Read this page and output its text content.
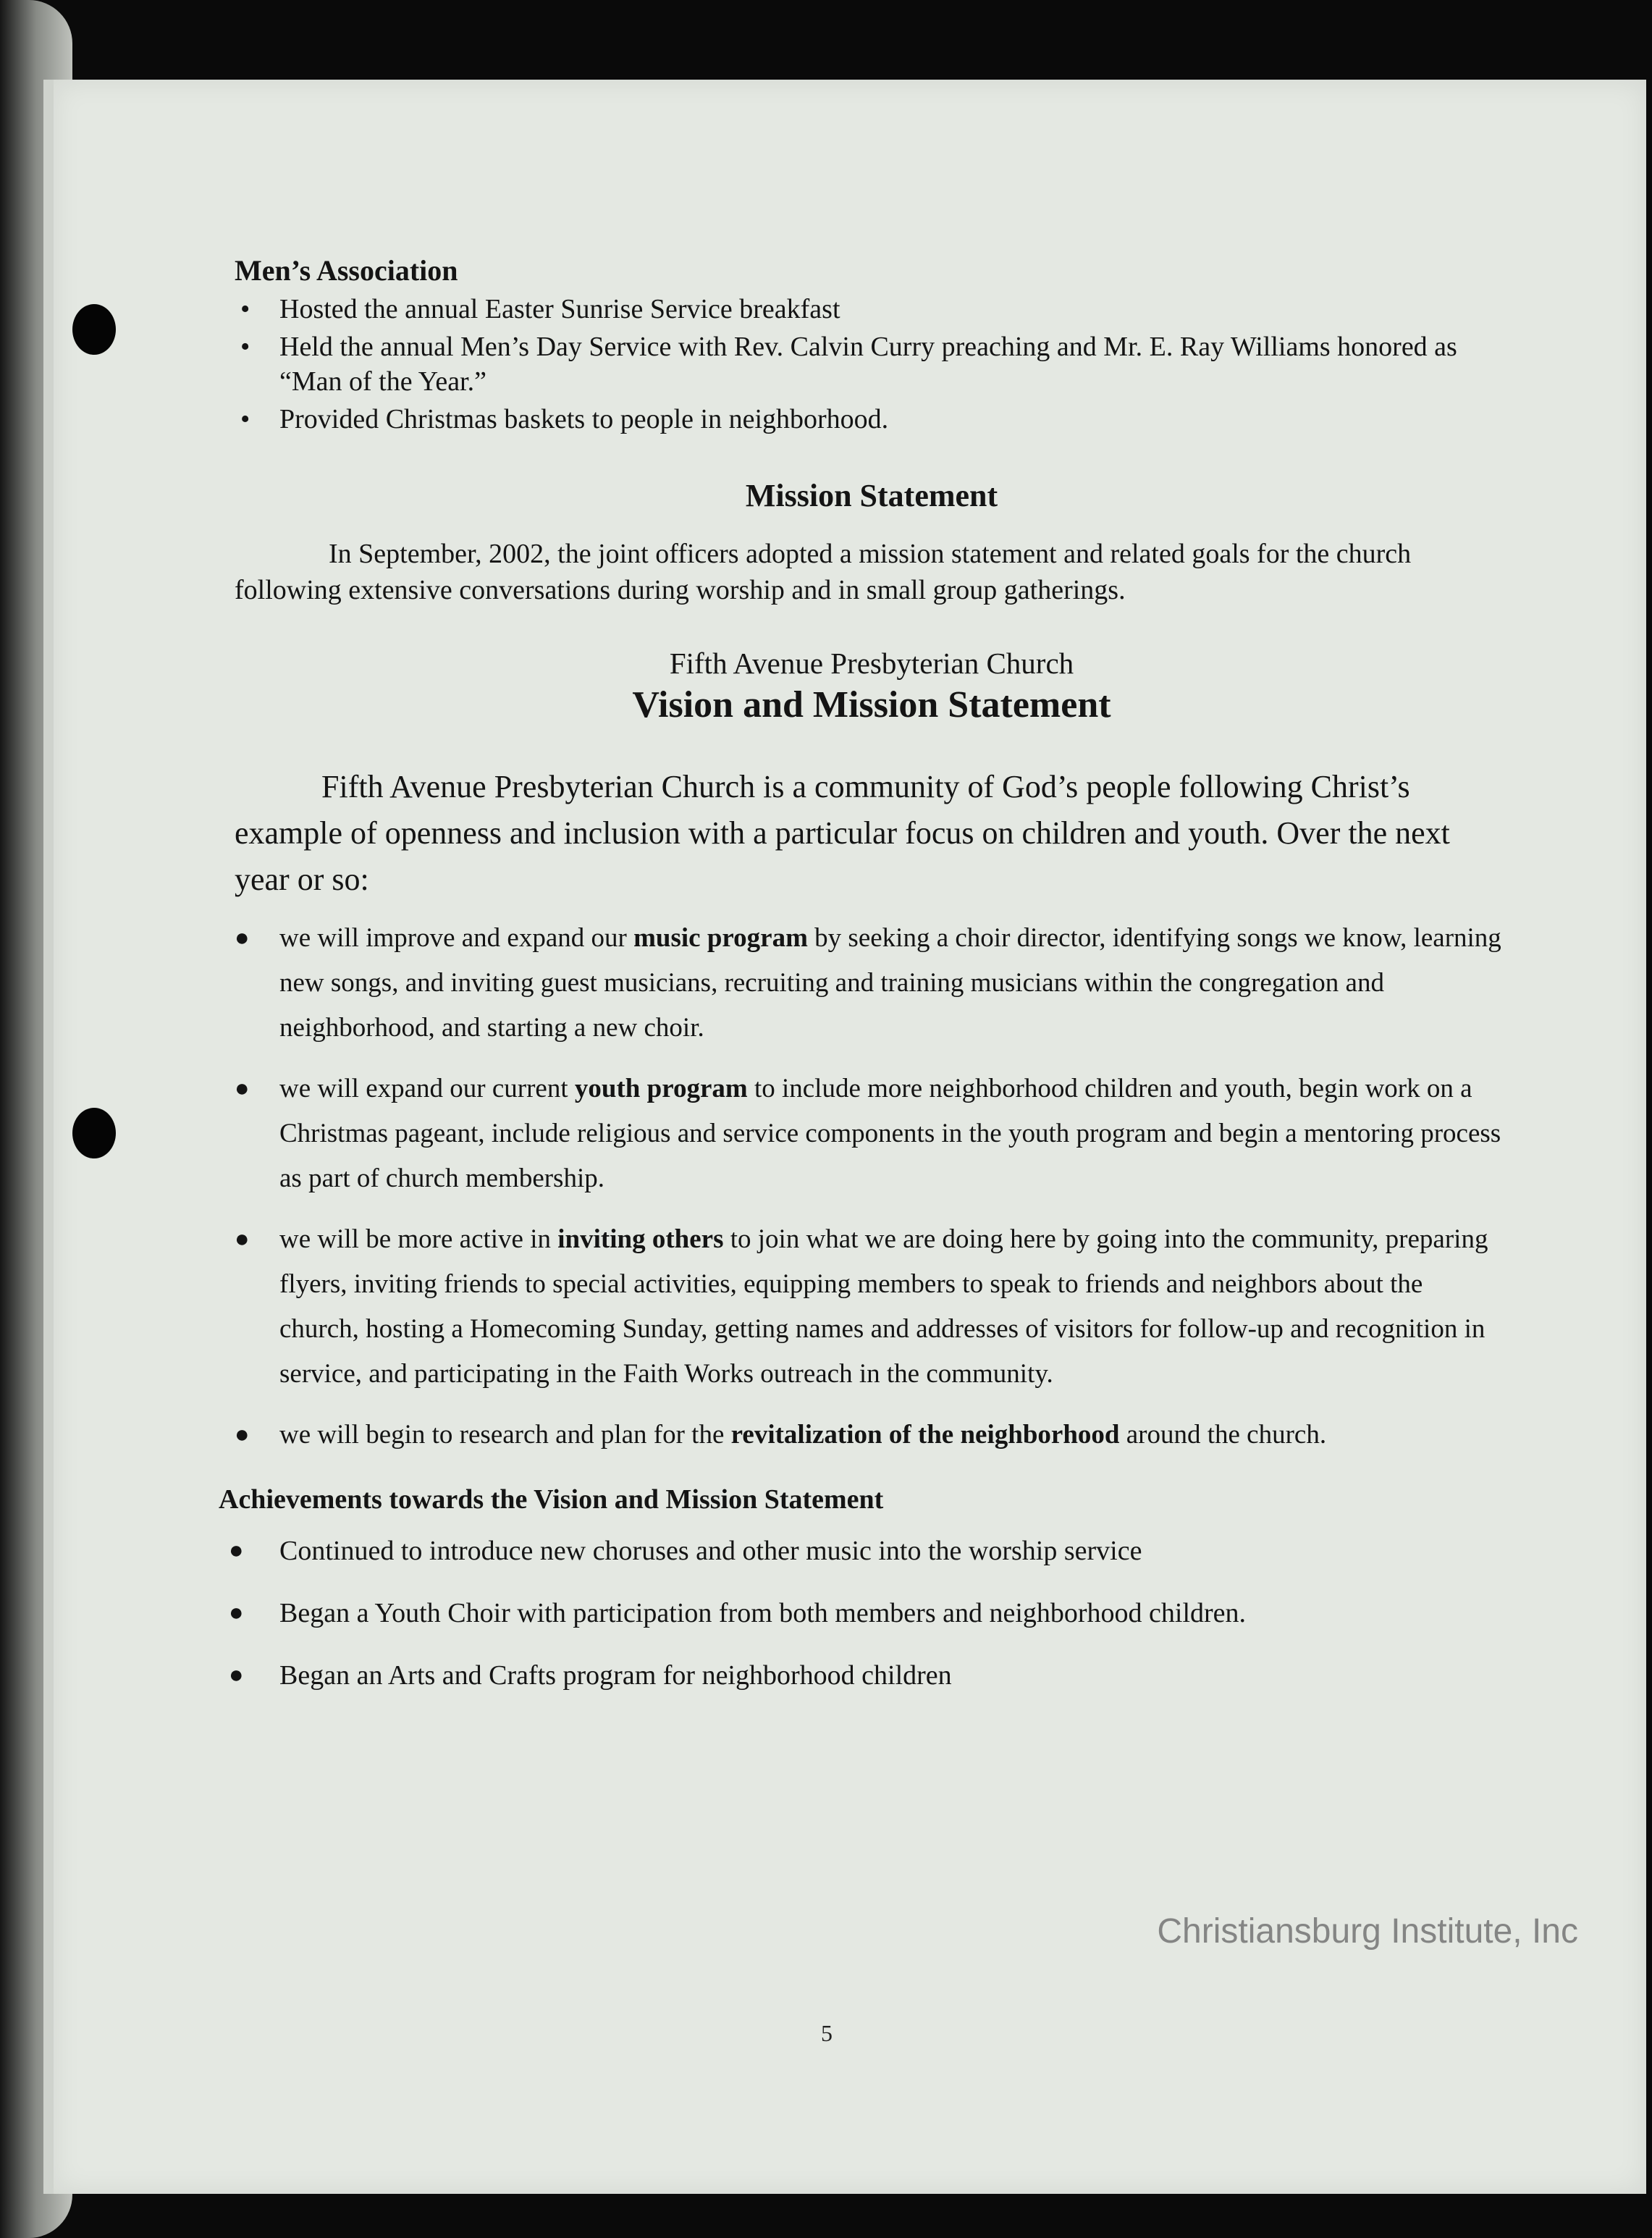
Men’s Association
• Hosted the annual Easter Sunrise Service breakfast
• Held the annual Men’s Day Service with Rev. Calvin Curry preaching and Mr. E. Ray Williams honored as “Man of the Year.”
• Provided Christmas baskets to people in neighborhood.
Mission Statement

In September, 2002, the joint officers adopted a mission statement and related goals for the church following extensive conversations during worship and in small group gatherings.

Fifth Avenue Presbyterian Church

Vision and Mission Statement

Fifth Avenue Presbyterian Church is a community of God’s people following Christ’s example of openness and inclusion with a particular focus on children and youth. Over the next year or so:

● we will improve and expand our music program by seeking a choir director, identifying songs we know, learning new songs, and inviting guest musicians, recruiting and training musicians within the congregation and neighborhood, and starting a new choir.
● we will expand our current youth program to include more neighborhood children and youth, begin work on a Christmas pageant, include religious and service components in the youth program and begin a mentoring process as part of church membership.
● we will be more active in inviting others to join what we are doing here by going into the community, preparing flyers, inviting friends to special activities, equipping members to speak to friends and neighbors about the church, hosting a Homecoming Sunday, getting names and addresses of visitors for follow-up and recognition in service, and participating in the Faith Works outreach in the community.
● we will begin to research and plan for the revitalization of the neighborhood around the church.
Achievements towards the Vision and Mission Statement
● Continued to introduce new choruses and other music into the worship service
● Began a Youth Choir with participation from both members and neighborhood children.
● Began an Arts and Crafts program for neighborhood children
5
Christiansburg Institute, Inc
